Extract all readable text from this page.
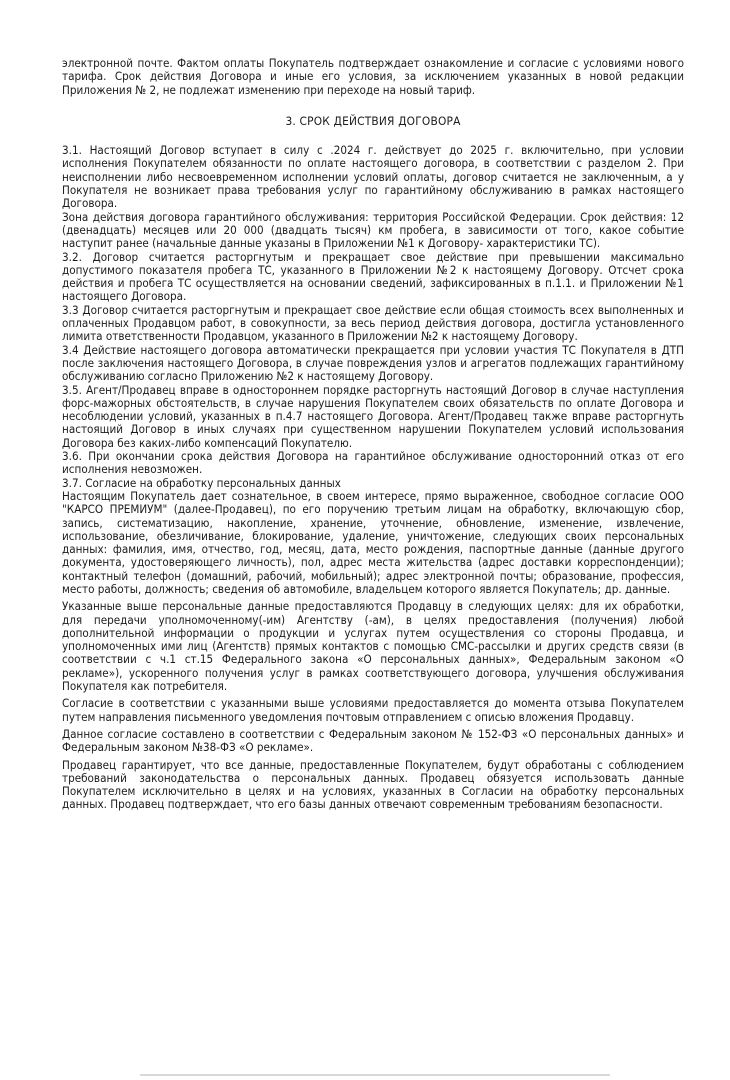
электронной почте. Фактом оплаты Покупатель подтверждает ознакомление и согласие с условиями нового тарифа. Срок действия Договора и иные его условия, за исключением указанных в новой редакции Приложения № 2, не подлежат изменению при переходе на новый тариф.

3. СРОК ДЕЙСТВИЯ ДОГОВОРА

3.1. Настоящий Договор вступает в силу с .2024 г. действует до 2025 г. включительно, при условии исполнения Покупателем обязанности по оплате настоящего договора, в соответствии с разделом 2. При неисполнении либо несвоевременном исполнении условий оплаты, договор считается не заключенным, а у Покупателя не возникает права требования услуг по гарантийному обслуживанию в рамках настоящего Договора.

Зона действия договора гарантийного обслуживания: территория Российской Федерации. Срок действия: 12 (двенадцать) месяцев или 20 000 (двадцать тысяч) км пробега, в зависимости от того, какое событие наступит ранее (начальные данные указаны в Приложении №1 к Договору- характеристики ТС).

3.2. Договор считается расторгнутым и прекращает свое действие при превышении максимально допустимого показателя пробега ТС, указанного в Приложении №2 к настоящему Договору. Отсчет срока действия и пробега ТС осуществляется на основании сведений, зафиксированных в п.1.1. и Приложении №1 настоящего Договора.

3.3 Договор считается расторгнутым и прекращает свое действие если общая стоимость всех выполненных и оплаченных Продавцом работ, в совокупности, за весь период действия договора, достигла установленного лимита ответственности Продавцом, указанного в Приложении №2 к настоящему Договору.

3.4 Действие настоящего договора автоматически прекращается при условии участия ТС Покупателя в ДТП после заключения настоящего Договора, в случае повреждения узлов и агрегатов подлежащих гарантийному обслуживанию согласно Приложению №2 к настоящему Договору.

3.5. Агент/Продавец вправе в одностороннем порядке расторгнуть настоящий Договор в случае наступления форс-мажорных обстоятельств, в случае нарушения Покупателем своих обязательств по оплате Договора и несоблюдении условий, указанных в п.4.7 настоящего Договора. Агент/Продавец также вправе расторгнуть настоящий Договор в иных случаях при существенном нарушении Покупателем условий использования Договора без каких-либо компенсаций Покупателю.

3.6. При окончании срока действия Договора на гарантийное обслуживание односторонний отказ от его исполнения невозможен.

3.7. Согласие на обработку персональных данных

Настоящим Покупатель дает сознательное, в своем интересе, прямо выраженное, свободное согласие ООО "КАРСО ПРЕМИУМ" (далее-Продавец), по его поручению третьим лицам на обработку, включающую сбор, запись, систематизацию, накопление, хранение, уточнение, обновление, изменение, извлечение, использование, обезличивание, блокирование, удаление, уничтожение, следующих своих персональных данных: фамилия, имя, отчество, год, месяц, дата, место рождения, паспортные данные (данные другого документа, удостоверяющего личность), пол, адрес места жительства (адрес доставки корреспонденции); контактный телефон (домашний, рабочий, мобильный); адрес электронной почты; образование, профессия, место работы, должность; сведения об автомобиле, владельцем которого является Покупатель; др. данные.

Указанные выше персональные данные предоставляются Продавцу в следующих целях: для их обработки, для передачи уполномоченному(-им) Агентству (-ам), в целях предоставления (получения) любой дополнительной информации о продукции и услугах путем осуществления со стороны Продавца, и уполномоченных ими лиц (Агентств) прямых контактов с помощью СМС-рассылки и других средств связи (в соответствии с ч.1 ст.15 Федерального закона «О персональных данных», Федеральным законом «О рекламе»), ускоренного получения услуг в рамках соответствующего договора, улучшения обслуживания Покупателя как потребителя.

Согласие в соответствии с указанными выше условиями предоставляется до момента отзыва Покупателем путем направления письменного уведомления почтовым отправлением с описью вложения Продавцу.

Данное согласие составлено в соответствии с Федеральным законом № 152-ФЗ «О персональных данных» и Федеральным законом №38-ФЗ «О рекламе».

Продавец гарантирует, что все данные, предоставленные Покупателем, будут обработаны с соблюдением требований законодательства о персональных данных. Продавец обязуется использовать данные Покупателем исключительно в целях и на условиях, указанных в Согласии на обработку персональных данных. Продавец подтверждает, что его базы данных отвечают современным требованиям безопасности.
